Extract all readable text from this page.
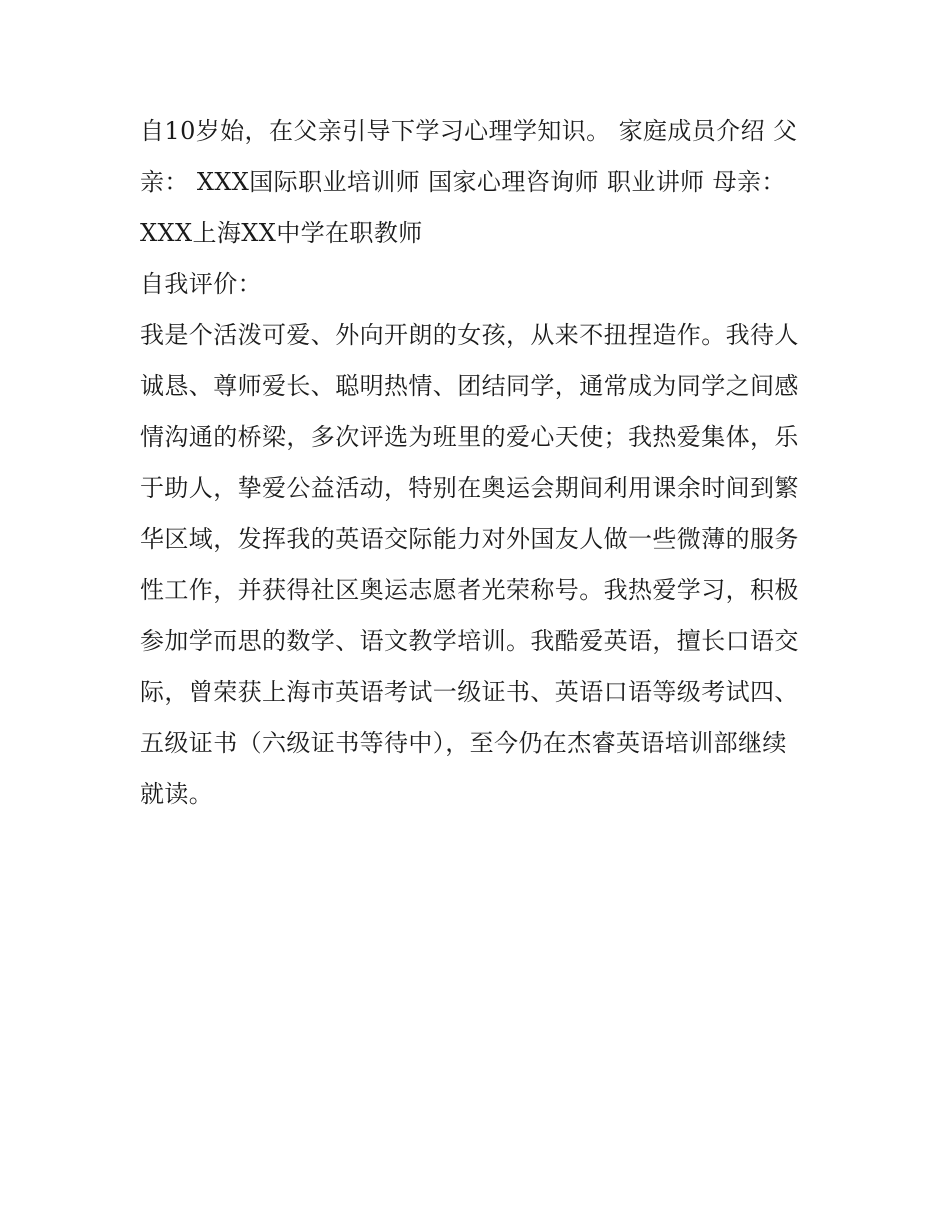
自10岁始，在父亲引导下学习心理学知识。 家庭成员介绍 父
亲： XXX国际职业培训师 国家心理咨询师 职业讲师 母亲：
XXX上海XX中学在职教师
自我评价：
我是个活泼可爱、外向开朗的女孩，从来不扭捏造作。我待人
诚恳、尊师爱长、聪明热情、团结同学，通常成为同学之间感
情沟通的桥梁，多次评选为班里的爱心天使；我热爱集体，乐
于助人，挚爱公益活动，特别在奥运会期间利用课余时间到繁
华区域，发挥我的英语交际能力对外国友人做一些微薄的服务
性工作，并获得社区奥运志愿者光荣称号。我热爱学习，积极
参加学而思的数学、语文教学培训。我酷爱英语，擅长口语交
际，曾荣获上海市英语考试一级证书、英语口语等级考试四、
五级证书（六级证书等待中），至今仍在杰睿英语培训部继续
就读。
